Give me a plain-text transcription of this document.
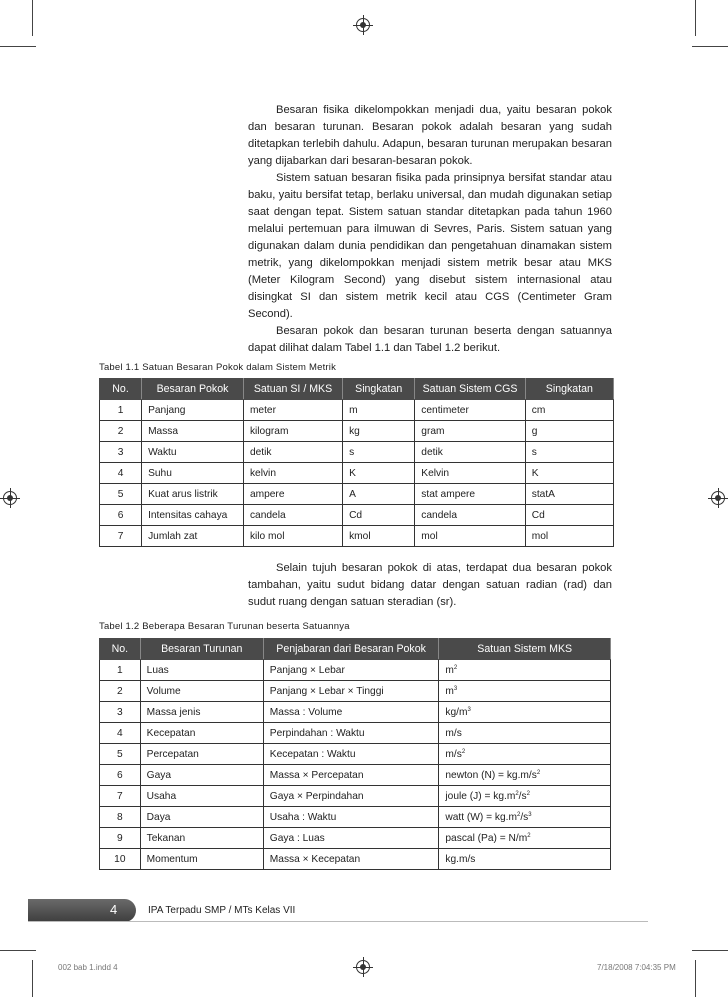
Besaran fisika dikelompokkan menjadi dua, yaitu besaran pokok dan besaran turunan. Besaran pokok adalah besaran yang sudah ditetapkan terlebih dahulu. Adapun, besaran turunan merupakan besaran yang dijabarkan dari besaran-besaran pokok.

Sistem satuan besaran fisika pada prinsipnya bersifat standar atau baku, yaitu bersifat tetap, berlaku universal, dan mudah digunakan setiap saat dengan tepat. Sistem satuan standar ditetapkan pada tahun 1960 melalui pertemuan para ilmuwan di Sevres, Paris. Sistem satuan yang digunakan dalam dunia pendidikan dan pengetahuan dinamakan sistem metrik, yang dikelompokkan menjadi sistem metrik besar atau MKS (Meter Kilogram Second) yang disebut sistem internasional atau disingkat SI dan sistem metrik kecil atau CGS (Centimeter Gram Second).

Besaran pokok dan besaran turunan beserta dengan satuannya dapat dilihat dalam Tabel 1.1 dan Tabel 1.2 berikut.

Tabel 1.1 Satuan Besaran Pokok dalam Sistem Metrik
No.	Besaran Pokok	Satuan SI / MKS	Singkatan	Satuan Sistem CGS	Singkatan
1	Panjang	meter	m	centimeter	cm
2	Massa	kilogram	kg	gram	g
3	Waktu	detik	s	detik	s
4	Suhu	kelvin	K	Kelvin	K
5	Kuat arus listrik	ampere	A	stat ampere	statA
6	Intensitas cahaya	candela	Cd	candela	Cd
7	Jumlah zat	kilo mol	kmol	mol	mol

Selain tujuh besaran pokok di atas, terdapat dua besaran pokok tambahan, yaitu sudut bidang datar dengan satuan radian (rad) dan sudut ruang dengan satuan steradian (sr).

Tabel 1.2 Beberapa Besaran Turunan beserta Satuannya
No.	Besaran Turunan	Penjabaran dari Besaran Pokok	Satuan Sistem MKS
1	Luas	Panjang × Lebar	$m^2$
2	Volume	Panjang × Lebar × Tinggi	$m^3$
3	Massa jenis	Massa : Volume	$kg/m^3$
4	Kecepatan	Perpindahan : Waktu	m/s
5	Percepatan	Kecepatan : Waktu	$m/s^2$
6	Gaya	Massa × Percepatan	newton $(N) = kg.m/s^2$
7	Usaha	Gaya × Perpindahan	joule $(J) = kg.m^2/s^2$
8	Daya	Usaha : Waktu	watt $(W) = kg.m^2/s^3$
9	Tekanan	Gaya : Luas	pascal $(Pa) = N/m^2$
10	Momentum	Massa × Kecepatan	kg.m/s
4	IPA Terpadu SMP / MTs Kelas VII
002 bab 1.indd 4	7/18/2008 7:04:35 PM
